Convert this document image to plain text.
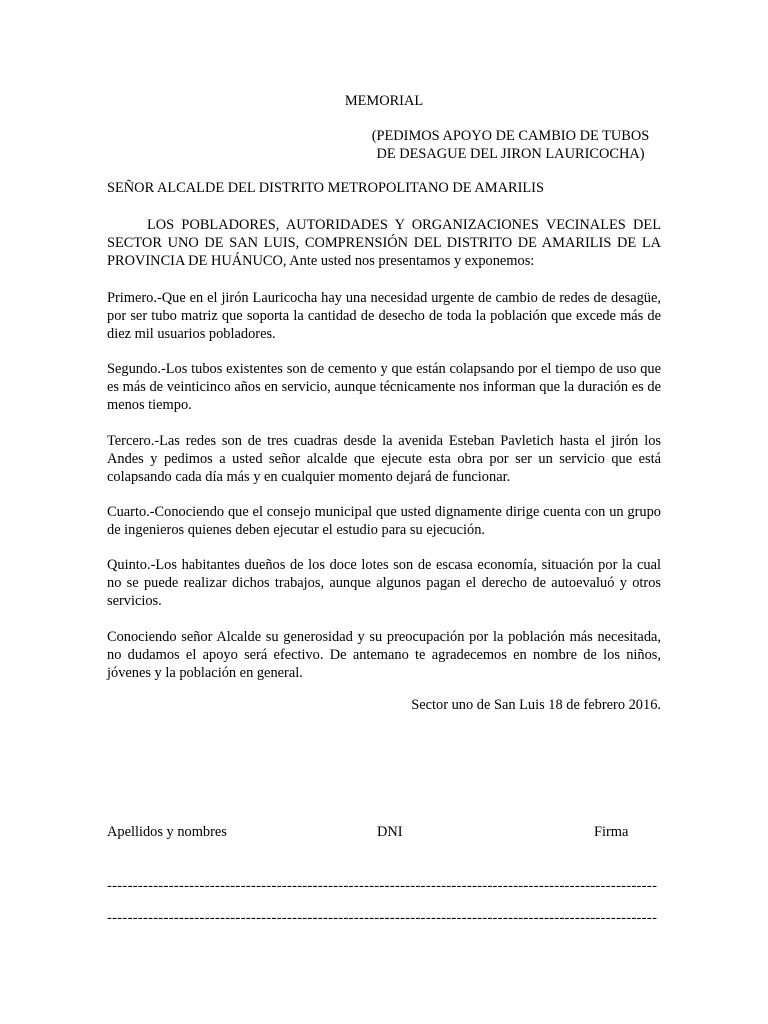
MEMORIAL
(PEDIMOS APOYO DE CAMBIO DE TUBOS
DE DESAGUE DEL JIRON LAURICOCHA)
SEÑOR ALCALDE DEL DISTRITO METROPOLITANO DE AMARILIS
LOS POBLADORES, AUTORIDADES Y ORGANIZACIONES VECINALES DEL SECTOR UNO DE SAN LUIS, COMPRENSIÓN DEL DISTRITO DE AMARILIS DE LA PROVINCIA DE HUÁNUCO, Ante usted nos presentamos y exponemos:
Primero.-Que en el jirón Lauricocha hay una necesidad urgente de cambio de redes de desagüe, por ser tubo matriz que soporta la cantidad de desecho de toda la población que excede más de diez mil usuarios pobladores.
Segundo.-Los tubos existentes son de cemento y que están colapsando por el tiempo de uso que es más de veinticinco años en servicio, aunque técnicamente nos informan que la duración es de menos tiempo.
Tercero.-Las redes son de tres cuadras desde la avenida Esteban Pavletich hasta el jirón los Andes y pedimos a usted señor alcalde que ejecute esta obra por ser un servicio que está colapsando cada día más y en cualquier momento dejará de funcionar.
Cuarto.-Conociendo que el consejo municipal que usted dignamente dirige cuenta con un grupo de ingenieros quienes deben ejecutar el estudio para su ejecución.
Quinto.-Los habitantes dueños de los doce lotes son de escasa economía, situación por la cual no se puede realizar dichos trabajos, aunque algunos pagan el derecho de autoevaluó y otros servicios.
Conociendo señor Alcalde su generosidad y su preocupación por la población más necesitada, no dudamos el apoyo será efectivo. De antemano te agradecemos en nombre de los niños, jóvenes y la población en general.
Sector uno de San Luis 18 de febrero 2016.
Apellidos y nombres	DNI	Firma
-----------------------------------------------------------------------------------------------------------
-----------------------------------------------------------------------------------------------------------
